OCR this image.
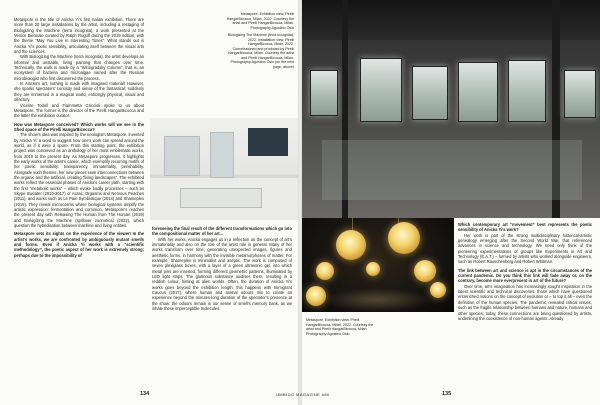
Metaspore is the title of Anicka Yi’s first Italian exhibition. There are more than 20 large installations by the artist, including a restaging of Biologizing the Machine (terra incognita), a work presented at the Venice Biennale curated by Ralph Rugoff during the 2019 edition, with the theme “May You Live in Interesting Times”. What stands out is Anicka Yi’s poetic sensibility, articulating itself between the visual arts and the sciences.

With Biologizing the Machine (terra incognita), the artist develops an informal and unstable, living painting that changes over time. Technically, the work is made by a “Winogradsky Column”, that is, an ecosystem of bacteria and microalgae named after the Russian microbiologist who first discovered the process.

In Anicka’s art, nothing is made with imagined material! However, she sparks spectators’ curiosity and sense of the fantastical: suddenly they are immersed in a magical world, enticingly physical, visual and olfactory.

Vicente Todolí and Fiammetta Griccioli spoke to us about Metaspore. The former is the director of the Pirelli HangarBicocca and the latter the exhibition curator.

How was Metaspore conceived? Which works will we see in the Shed space of the Pirelli HangarBicocca?

The show’s idea was inspired by the neologism Metaspore, invented by Anicka Yi: a word to suggest how one’s work can spread around the world, as if it were a spore. From this starting point, the exhibition project was conceived as an anthology of her most emblematic works, from 2010 to the present day. As Metaspore progresses, it highlights the early works of the artist’s career, which exemplify recurring motifs of her poetic sensibility: transparency, immateriality, perishability. Alongside such themes, her new pieces seek interconnections between the organic and the artificial, creating “living landscapes”. The exhibited works reflect the essential phases of Anicka’s career path, starting with the first “metabolic works” – which evoke bodily processes – such as Skype Sweater (2010-2017) or Auras, Orgasms and Nervous Peaches (2011), and works such as Le Pain Symbiotique (2014) and Shameplex (2015). They reveal microcosms where biological systems amplify the artistic expression: fermentation and corrosion. Metaspore’s reaches the present day with Releasing The Human from The Human (2019) and Biologizing the Machine (spillover zoonotica) (2022), which question the hybridisation between machine and living entities.

Metaspore sets its sights on the experience of the viewer! In the artist’s works, we are confronted by ambiguously mutant smells and forms. Even if Anicka Yi works with a “scientific methodology”, the poetic aspect of her work is extremely strong; perhaps due to the impossibility of

Metaspore. Exhibition view, Pirelli HangarBicocca, Milan, 2022. Courtesy the artist and Pirelli HangarBicocca, Milan. Photography Agostino Osio

Biologizing The Machine (terra incognita), 2022. Installation view, Pirelli HangarBicocca, Milan, 2022. Commissioned and produced by Pirelli HangarBicocca, Milan. Courtesy the artist and Pirelli HangarBicocca, Milan. Photography Agostino Osio (on the next page, above)

foreseeing the final result of the different transformations which go into the compositional matter of her art...

With her works, Anicka engages us in a reflection on the concept of art’s immateriality and also on the role of the artist role in general. Many of her works transform over time, generating unexpected images, figures and aesthetic forms, in harmony with the invisible metamorphoses of matter. For example, Shameplex is minimalist and aseptic. The work is composed of seven plexiglass boxes, with a layer of a green ultrasonic gel, into which metal pins are inserted, forming different geometric patterns, illuminated by LED light strips. The glutinous substance oxidises them, resulting in a reddish colour, hinting at alien worlds. Often, the duration of Anicka Yi’s works goes beyond the exhibition length: this happens with Immigrant Caucus (2017), where human and animal odours mix to create an experience beyond the minutes-long duration of the spectator’s presence at the show: the odours remain in our sense of smell’s memory bank, as we inhale these imperceptible molecules.

134

Metaspore. Exhibition view, Pirelli HangarBicocca, Milan, 2022. Courtesy the artist and Pirelli HangarBicocca, Milan. Photography Agostino Osio

Which contemporary art “movement” best represents the poetic sensibility of Anicka Yi’s work?

Her work is part of the strong multidisciplinary historical-artistic genealogy emerging after the Second World War, that referenced advances in science and technology. We need only think of the pioneering experimentations of groups like Experiments in Art and Technology (E.A.T.) – formed by artists who worked alongside engineers, such as Robert Rauschenberg and Robert Whitman.

The link between art and science is apt in the circumstances of the current pandemic. Do you think this link will fade away or, on the contrary, become more everpresent in art of the future?

Over time, art’s imagination has increasingly sought inspiration in the latest scientific and technical discoveries: those which have questioned entrenched notions on the concept of evolution or – to top it all – even the definition of the human species. The pandemic revealed critical issues, such as the fragile relationship between humans and nature, humans and other species; today, these connections are being questioned by artists, underlining the coexistence of non-human agents. Already

UMBIGO MAGAZINE #80	135
